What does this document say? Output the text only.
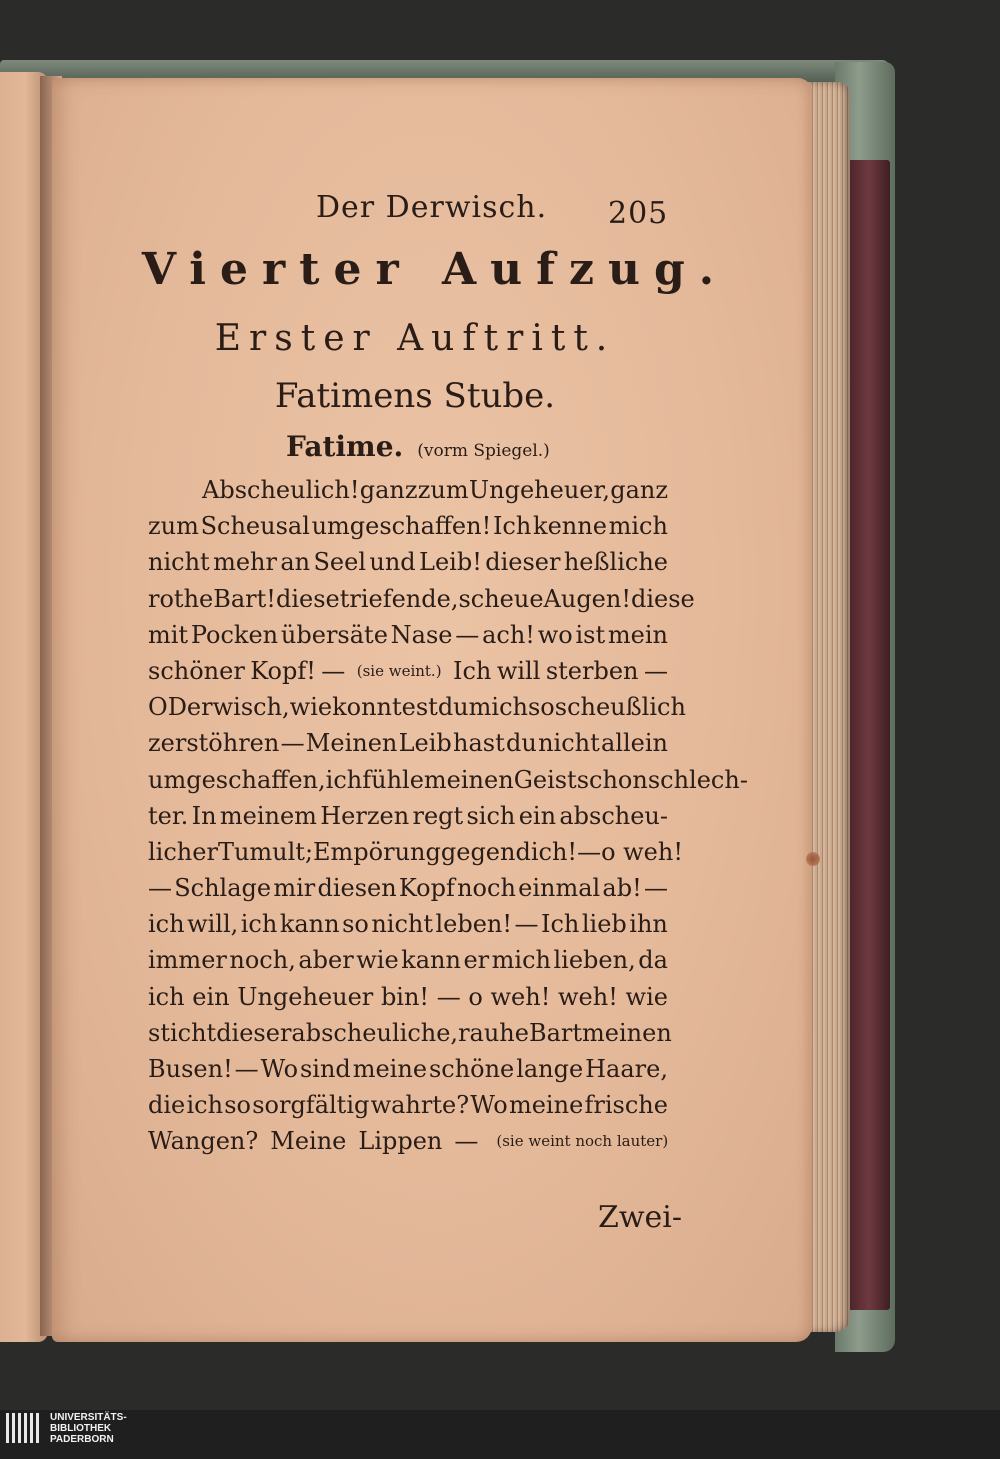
Der Derwisch. 205
Vierter Aufzug.
Erster Auftritt.
Fatimens Stube.
Fatime. (vorm Spiegel.)
Abscheulich! ganz zum Ungeheuer, ganz
zum Scheusal umgeschaffen! Ich kenne mich
nicht mehr an Seel und Leib! dieser heßliche
rothe Bart! diese triefende, scheue Augen! diese
mit Pocken übersäte Nase — ach! wo ist mein
schöner Kopf! — (sie weint.) Ich will sterben —
O Derwisch, wie konntest du mich so scheußlich
zerstöhren — Meinen Leib hast du nicht allein
umgeschaffen, ich fühle meinen Geist schon schlech-
ter. In meinem Herzen regt sich ein abscheu-
licher Tumult; Empörung gegen dich! — o weh!
— Schlage mir diesen Kopf noch einmal ab! —
ich will, ich kann so nicht leben! — Ich lieb ihn
immer noch, aber wie kann er mich lieben, da
ich ein Ungeheuer bin! — o weh! weh! wie
sticht dieser abscheuliche, rauhe Bart meinen
Busen! — Wo sind meine schöne lange Haare,
die ich so sorgfältig wahrte? Wo meine frische
Wangen? Meine Lippen — (sie weint noch lauter)
Zwei-
UNIVERSITÄTS-
BIBLIOTHEK
PADERBORN
